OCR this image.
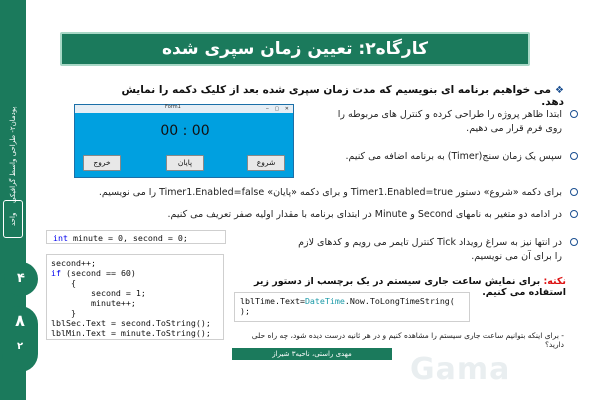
پودمان۲- طراحی واسط گرافیکی
واحد یادگیری۴
۴
۸
۲
کارگاه۲: تعیین زمان سپری شده
❖می خواهیم برنامه ای بنویسیم که مدت زمان سپری شده بعد از کلیک دکمه را نمایش دهد.
Form1	‒ ▢ ✕
00 : 00
خروج	پایان	شروع
ابتدا ظاهر پروژه را طراحی کرده و کنترل های مربوطه را روی فرم قرار می دهیم.
سپس یک زمان سنج(Timer) به برنامه اضافه می کنیم.
برای دکمه «شروع» دستور Timer1.Enabled=true و برای دکمه «پایان» Timer1.Enabled=false را می نویسیم.
در ادامه دو متغیر به نامهای Second و Minute در ابتدای برنامه با مقدار اولیه صفر تعریف می کنیم.
در انتها نیز به سراغ رویداد Tick کنترل تایمر می رویم و کدهای لازم را برای آن می نویسیم.
int minute = 0, second = 0;
second++;
if (second == 60)
{
second = 1;
minute++;
}
lblSec.Text = second.ToString();
lblMin.Text = minute.ToString();
نکته: برای نمایش ساعت جاری سیستم در یک برچسب از دستور زیر استفاده می کنیم.
lblTime.Text=DateTime.Now.ToLongTimeString(
);
- برای اینکه بتوانیم ساعت جاری سیستم را مشاهده کنیم و در هر ثانیه درست دیده شود، چه راه حلی دارید؟
مهدی راستی، ناحیه۳ شیراز	Gama
